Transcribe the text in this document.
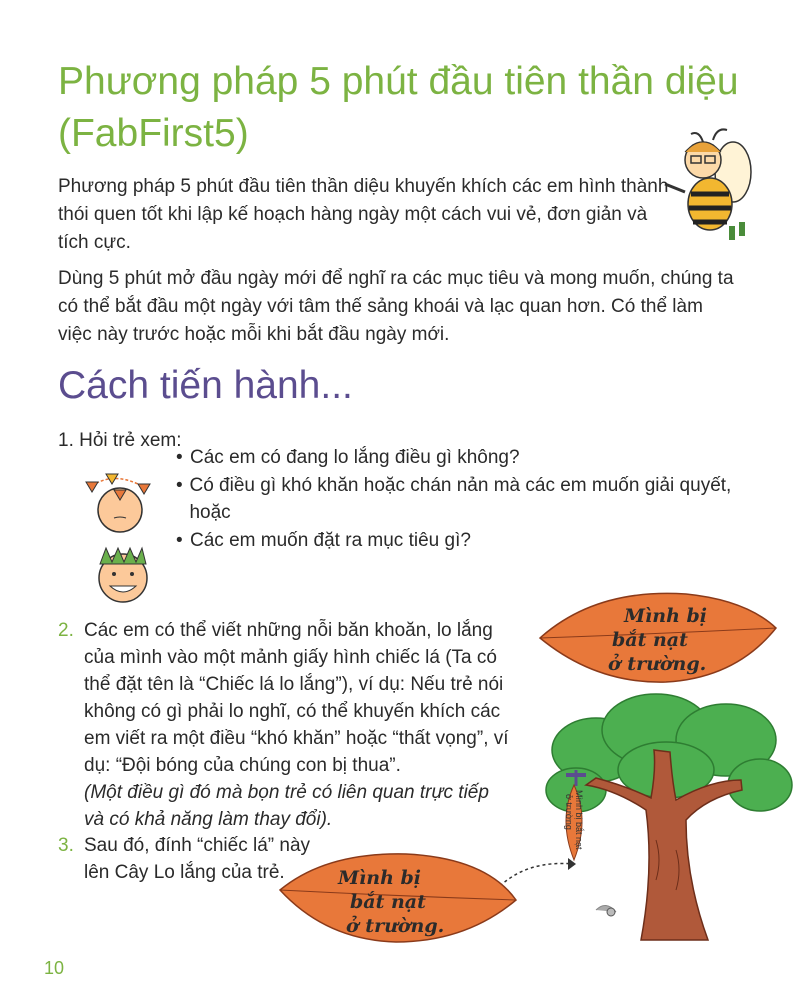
Phương pháp 5 phút đầu tiên thần diệu (FabFirst5)
Phương pháp 5 phút đầu tiên thần diệu khuyến khích các em hình thành thói quen tốt khi lập kế hoạch hàng ngày một cách vui vẻ, đơn giản và tích cực.
Dùng 5 phút mở đầu ngày mới để nghĩ ra các mục tiêu và mong muốn, chúng ta có thể bắt đầu một ngày với tâm thế sảng khoái và lạc quan hơn. Có thể làm việc này trước hoặc mỗi khi bắt đầu ngày mới.
Cách tiến hành...
1. Hỏi trẻ xem:
• Các em có đang lo lắng điều gì không?
• Có điều gì khó khăn hoặc chán nản mà các em muốn giải quyết, hoặc
• Các em muốn đặt ra mục tiêu gì?
2. Các em có thể viết những nỗi băn khoăn, lo lắng của mình vào một mảnh giấy hình chiếc lá (Ta có thể đặt tên là “Chiếc lá lo lắng”), ví dụ: Nếu trẻ nói không có gì phải lo nghĩ, có thể khuyến khích các em viết ra một điều “khó khăn” hoặc “thất vọng”, ví dụ: “Đội bóng của chúng con bị thua”.
(Một điều gì đó mà bọn trẻ có liên quan trực tiếp và có khả năng làm thay đổi).
3. Sau đó, đính “chiếc lá” này lên Cây Lo lắng của trẻ.
Mình bị
bắt nạt
ở trường.
Mình bị bắt nạt
ở trường
Mình bị
bắt nạt
ở trường.
10
